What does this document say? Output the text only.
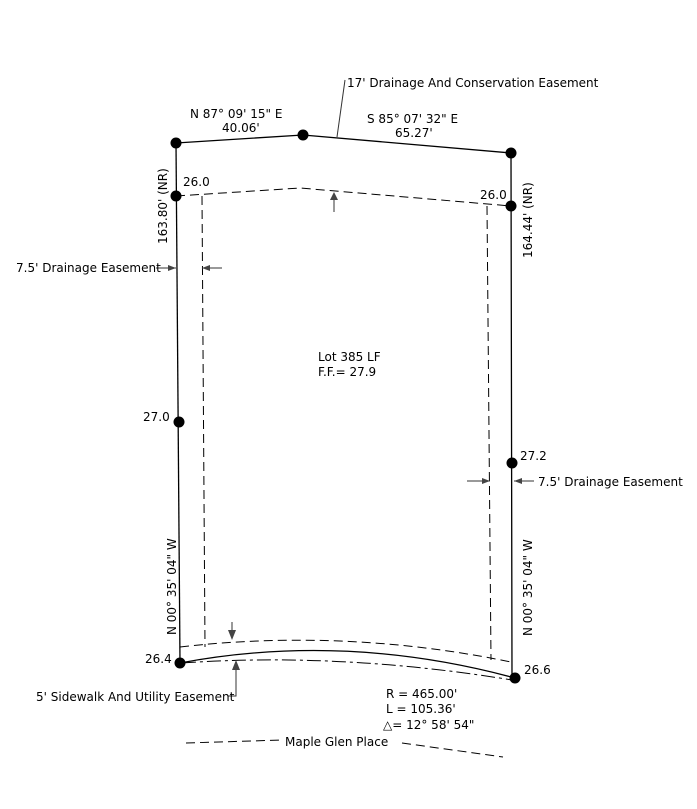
N 87° 09' 15" E
40.06'
S 85° 07' 32" E
65.27'
17' Drainage And Conservation Easement
26.0
26.0
163.80' (NR)	164.44' (NR)
7.5' Drainage Easement
7.5' Drainage Easement
Lot 385 LF
F.F.= 27.9
27.0
27.2
N 00° 35' 04" W	N 00° 35' 04" W
26.4
26.6
5' Sidewalk And Utility Easement	R = 465.00'
L = 105.36'
△= 12° 58' 54"
Maple Glen Place
